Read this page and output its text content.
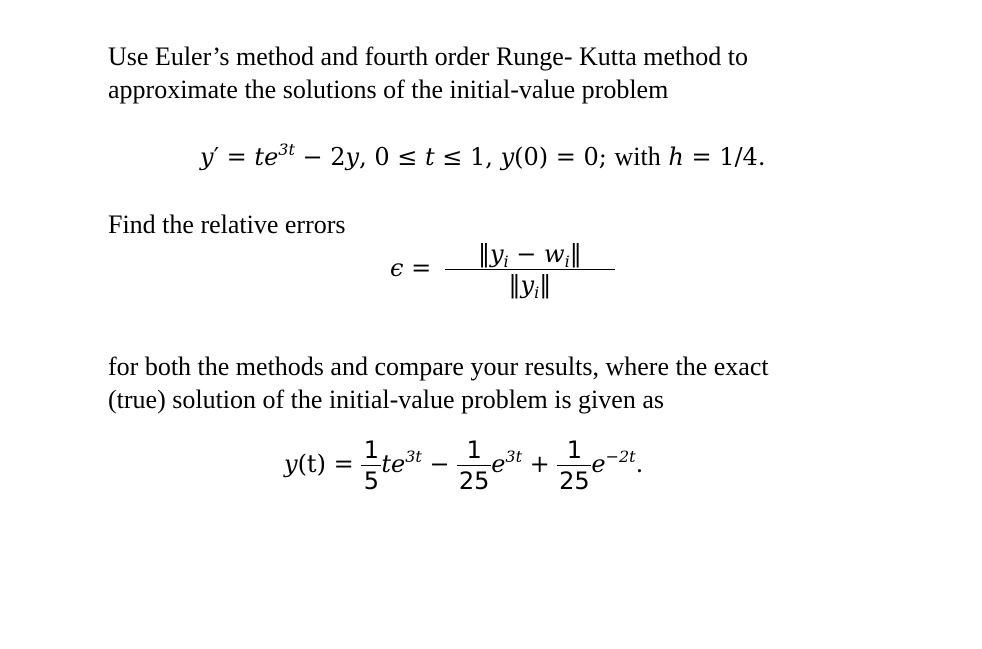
Use Euler’s method and fourth order Runge- Kutta method to
approximate the solutions of the initial-value problem
$y' = te^{3t} - 2y$, 0 ≤ t ≤ 1, y(0) = 0; with h = 1/4.
Find the relative errors
$\epsilon = \frac{‖y_i - w_i‖}{‖y_i‖}$
for both the methods and compare your results, where the exact
(true) solution of the initial-value problem is given as
$y(t) = \frac{1}{5} te^{3t} - \frac{1}{25} e^{3t} + \frac{1}{25} e^{-2t}$.
